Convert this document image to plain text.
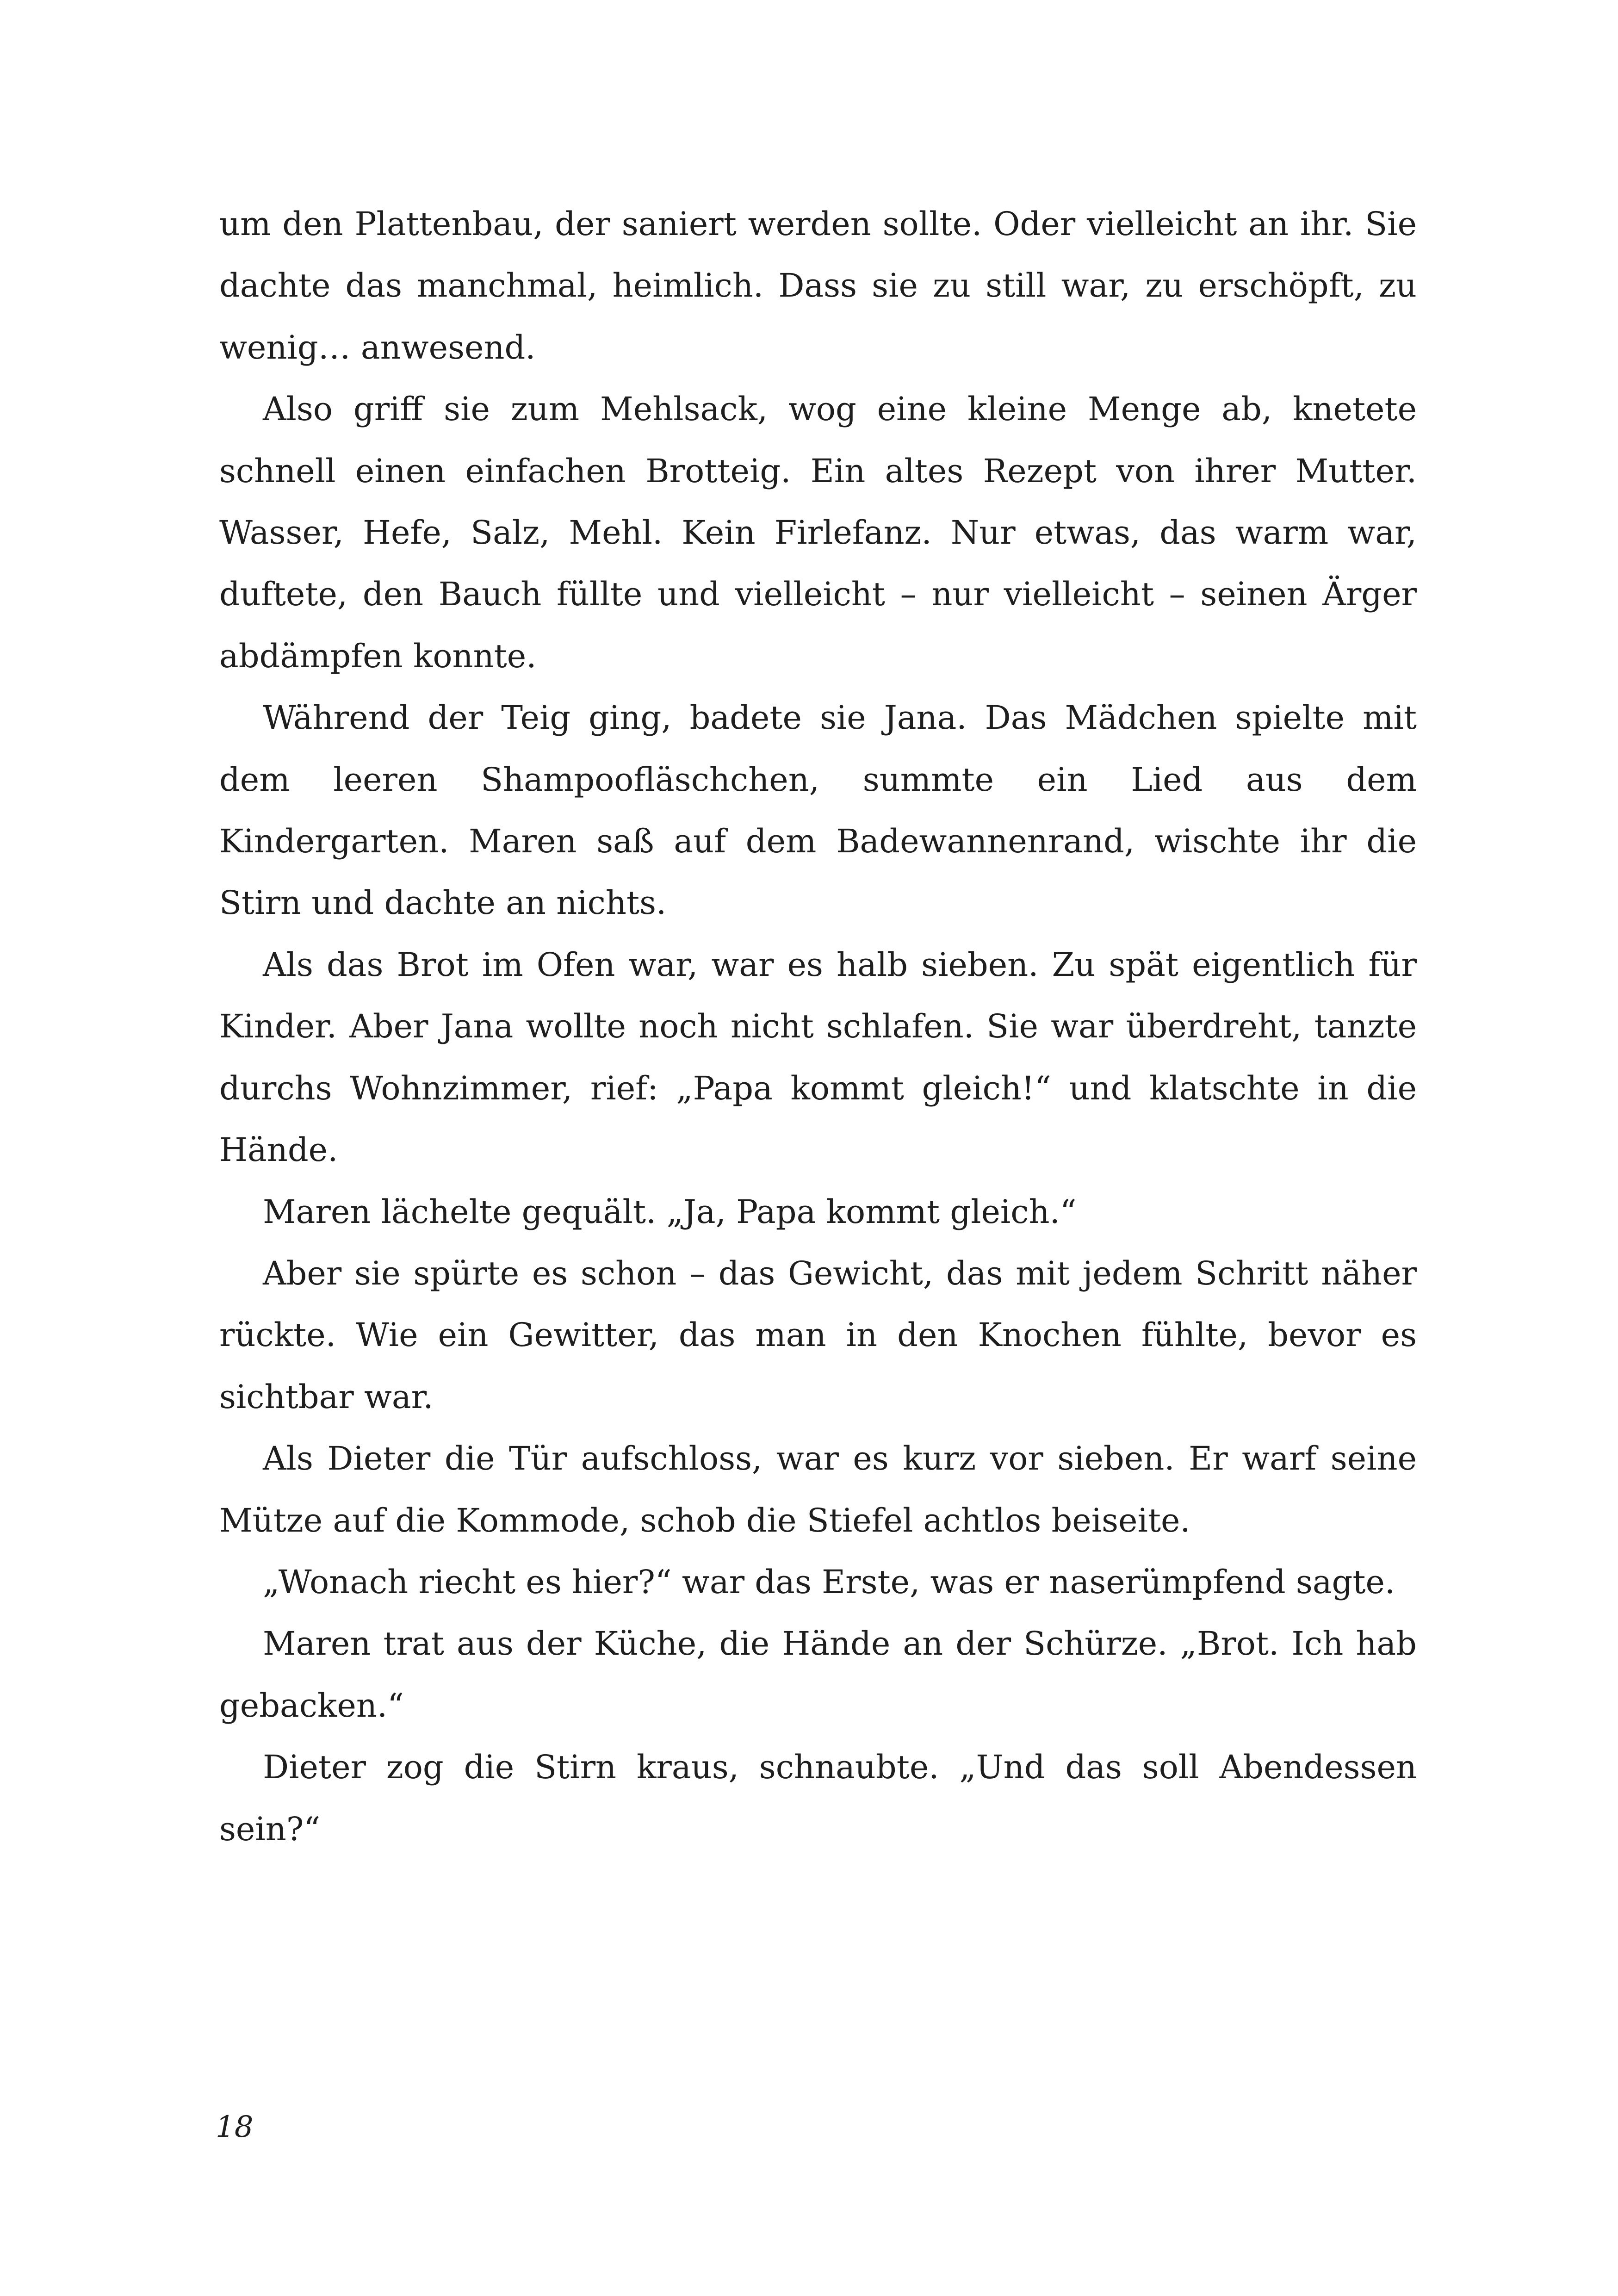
um den Plattenbau, der saniert werden sollte. Oder vielleicht an ihr. Sie dachte das manchmal, heimlich. Dass sie zu still war, zu erschöpft, zu wenig… anwesend.

Also griff sie zum Mehlsack, wog eine kleine Menge ab, knetete schnell einen einfachen Brotteig. Ein altes Rezept von ihrer Mutter. Wasser, Hefe, Salz, Mehl. Kein Firlefanz. Nur etwas, das warm war, duftete, den Bauch füllte und vielleicht – nur vielleicht – seinen Ärger abdämpfen konnte.

Während der Teig ging, badete sie Jana. Das Mädchen spielte mit dem leeren Shampoofläschchen, summte ein Lied aus dem Kindergarten. Maren saß auf dem Badewannenrand, wischte ihr die Stirn und dachte an nichts.

Als das Brot im Ofen war, war es halb sieben. Zu spät eigentlich für Kinder. Aber Jana wollte noch nicht schlafen. Sie war überdreht, tanzte durchs Wohnzimmer, rief: „Papa kommt gleich!“ und klatschte in die Hände.

Maren lächelte gequält. „Ja, Papa kommt gleich.“

Aber sie spürte es schon – das Gewicht, das mit jedem Schritt näher rückte. Wie ein Gewitter, das man in den Knochen fühlte, bevor es sichtbar war.

Als Dieter die Tür aufschloss, war es kurz vor sieben. Er warf seine Mütze auf die Kommode, schob die Stiefel achtlos beiseite.

„Wonach riecht es hier?“ war das Erste, was er naserümpfend sagte.

Maren trat aus der Küche, die Hände an der Schürze. „Brot. Ich hab gebacken.“

Dieter zog die Stirn kraus, schnaubte. „Und das soll Abendessen sein?“

18
